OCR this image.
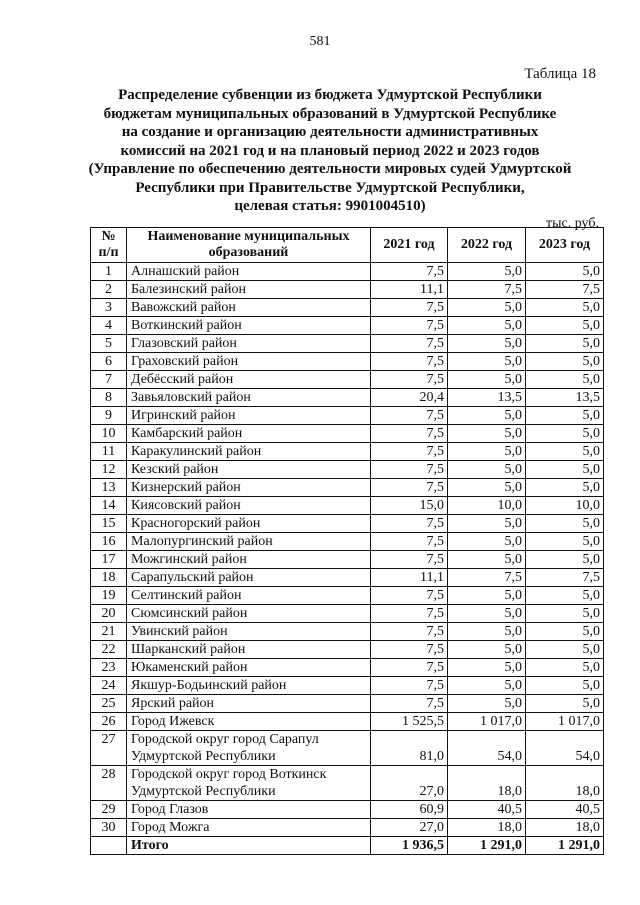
581
Таблица 18
Распределение субвенции из бюджета Удмуртской Республики
бюджетам муниципальных образований в Удмуртской Республике
на создание и организацию деятельности административных
комиссий на 2021 год и на плановый период 2022 и 2023 годов
(Управление по обеспечению деятельности мировых судей Удмуртской
Республики при Правительстве Удмуртской Республики,
целевая статья: 9901004510)
тыс. руб.
№ п/п	Наименование муниципальных образований	2021 год	2022 год	2023 год
1	Алнашский район	7,5	5,0	5,0
2	Балезинский район	11,1	7,5	7,5
3	Вавожский район	7,5	5,0	5,0
4	Воткинский район	7,5	5,0	5,0
5	Глазовский район	7,5	5,0	5,0
6	Граховский район	7,5	5,0	5,0
7	Дебёсский район	7,5	5,0	5,0
8	Завьяловский район	20,4	13,5	13,5
9	Игринский район	7,5	5,0	5,0
10	Камбарский район	7,5	5,0	5,0
11	Каракулинский район	7,5	5,0	5,0
12	Кезский район	7,5	5,0	5,0
13	Кизнерский район	7,5	5,0	5,0
14	Киясовский район	15,0	10,0	10,0
15	Красногорский район	7,5	5,0	5,0
16	Малопургинский район	7,5	5,0	5,0
17	Можгинский район	7,5	5,0	5,0
18	Сарапульский район	11,1	7,5	7,5
19	Селтинский район	7,5	5,0	5,0
20	Сюмсинский район	7,5	5,0	5,0
21	Увинский район	7,5	5,0	5,0
22	Шарканский район	7,5	5,0	5,0
23	Юкаменский район	7,5	5,0	5,0
24	Якшур-Бодьинский район	7,5	5,0	5,0
25	Ярский район	7,5	5,0	5,0
26	Город Ижевск	1 525,5	1 017,0	1 017,0
27	Городской округ город Сарапул Удмуртской Республики	81,0	54,0	54,0
28	Городской округ город Воткинск Удмуртской Республики	27,0	18,0	18,0
29	Город Глазов	60,9	40,5	40,5
30	Город Можга	27,0	18,0	18,0
	Итого	1 936,5	1 291,0	1 291,0
